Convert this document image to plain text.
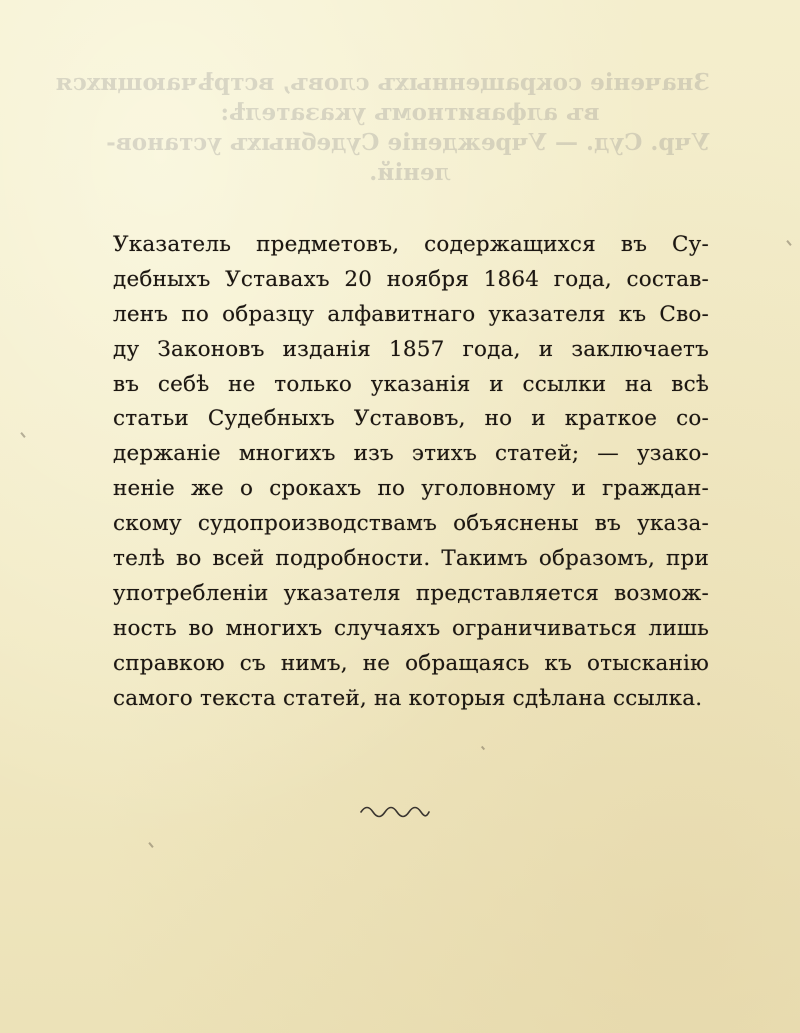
Значеніе сокращенныхъ словъ, встрѣчающихся
въ алфавитномъ указателѣ:
Учр. Суд. — Учрежденіе Судебныхъ установ-
леній.
Указатель предметовъ, содержащихся въ Су-
дебныхъ Уставахъ 20 ноября 1864 года, состав-
ленъ по образцу алфавитнаго указателя къ Сво-
ду Законовъ изданія 1857 года, и заключаетъ
въ себѣ не только указанія и ссылки на всѣ
статьи Судебныхъ Уставовъ, но и краткое со-
держаніе многихъ изъ этихъ статей; — узако-
неніе же о срокахъ по уголовному и граждан-
скому судопроизводствамъ объяснены въ указа-
телѣ во всей подробности. Такимъ образомъ, при
употребленіи указателя представляется возмож-
ность во многихъ случаяхъ ограничиваться лишь
справкою съ нимъ, не обращаясь къ отысканію
самого текста статей, на которыя сдѣлана ссылка.
